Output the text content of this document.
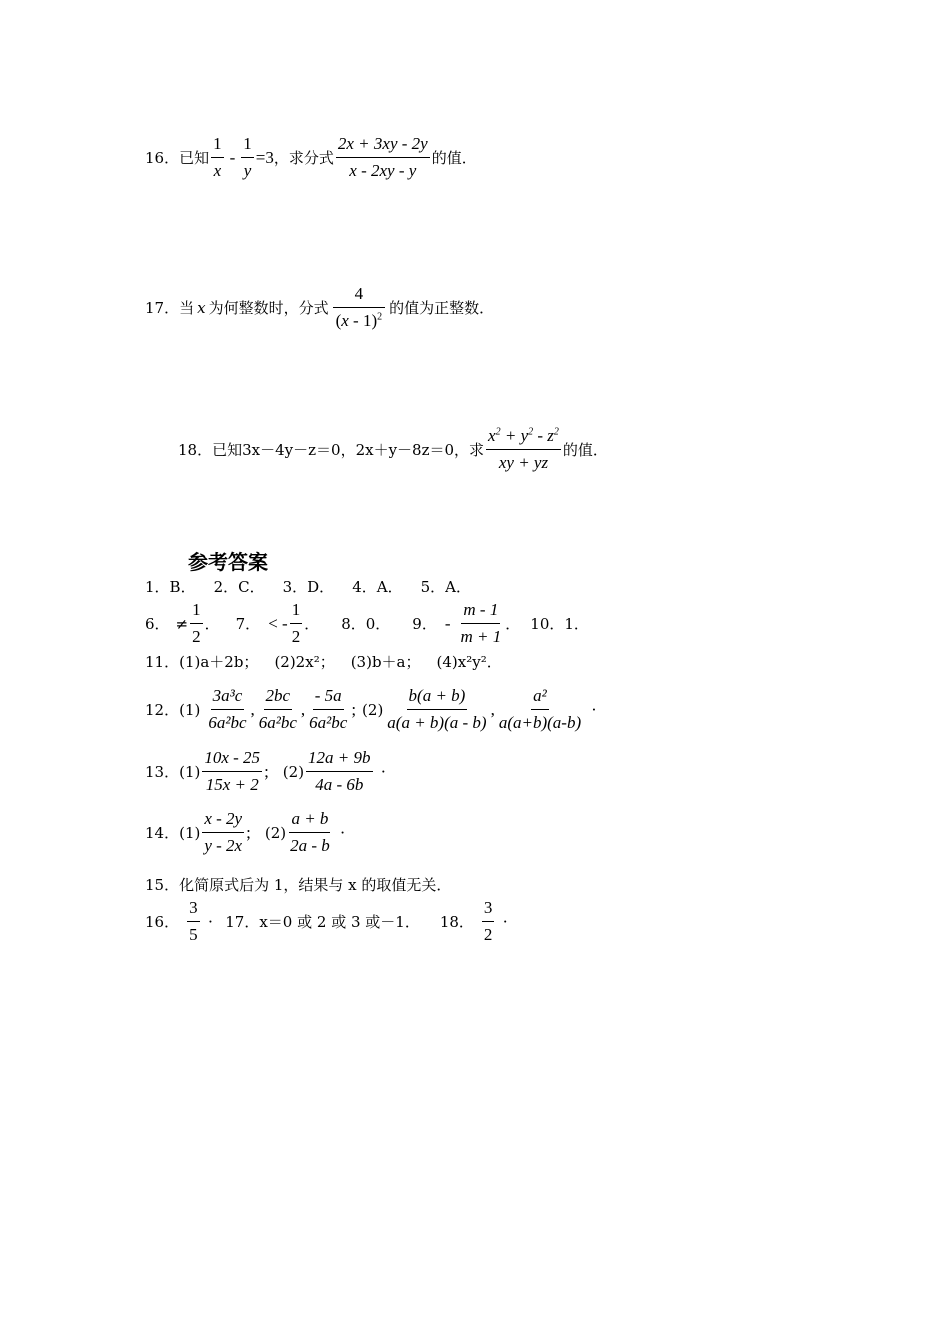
16． 已知 $\frac{1}{x} - \frac{1}{y} =3$ ，求分式 $\frac{2x + 3xy - 2y}{x - 2xy - y}$ 的值．
17． 当 x 为何整数时，分式 $\frac{4}{(x - 1)^2}$ 的值为正整数．
18． 已知 3x－4y－z＝0，2x＋y－8z＝0，求 $\frac{x^2 + y^2 - z^2}{xy + yz}$ 的值．
参考答案
1．B． 2．C． 3．D． 4．A． 5．A．
6． ≠ $\frac{1}{2}$ ． 7． < - $\frac{1}{2}$ ． 8．0． 9． - $\frac{m - 1}{m + 1}$ ． 10．1．
11． (1)a＋2b； (2)2x²； (3)b＋a； (4)x²y²．
12． $(1) \frac{\text{3a³c}}{\text{6a²bc}}$ , $\frac{2bc}{\text{6a²bc}}$ , $\frac{- 5a}{\text{6a²bc}}$ ; $(2) \frac{b(a + b)}{a(a + b)(a - b)}$ , $\frac{\text{a²}}{a(a+b)(a-b)}$ ·
13． $(1) \frac{10x - 25}{15x + 2}$ ; $(2) \frac{12a + 9b}{4a - 6b}$ ·
14． $(1) \frac{x - 2y}{y - 2x}$ ; $(2) \frac{a + b}{2a - b}$ ·
15．化简原式后为 1，结果与 x 的取值无关．
16． $\frac{3}{5} \cdot 17$．x＝0 或 2 或 3 或－1． 18． $\frac{3}{2}$ ·
